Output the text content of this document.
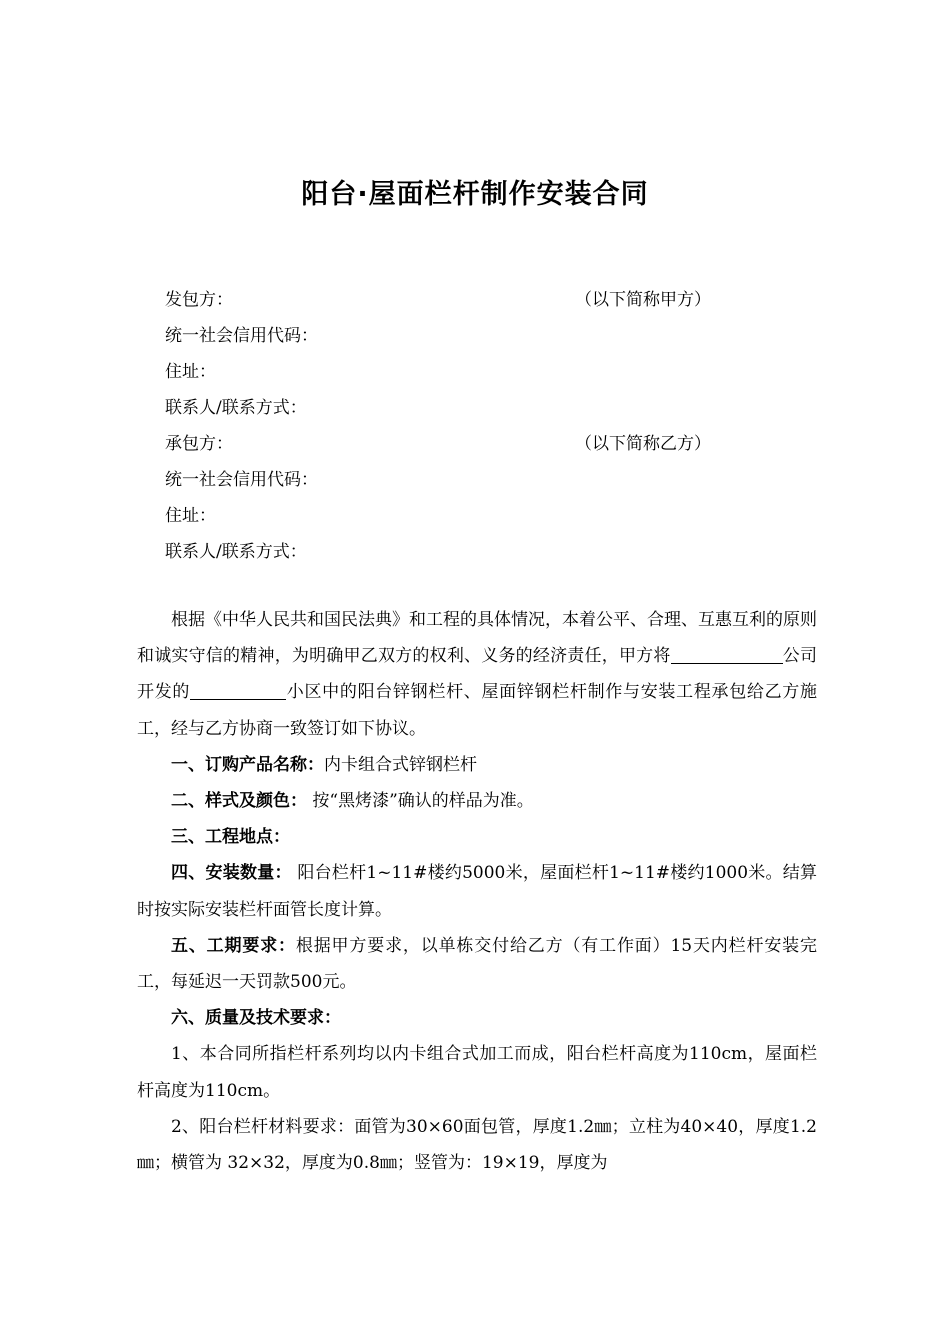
阳台·屋面栏杆制作安装合同
发包方：	（以下简称甲方）
统一社会信用代码：
住址：
联系人/联系方式：
承包方：	（以下简称乙方）
统一社会信用代码：
住址：
联系人/联系方式：

根据《中华人民共和国民法典》和工程的具体情况，本着公平、合理、互惠互利的原则和诚实守信的精神，为明确甲乙双方的权利、义务的经济责任，甲方将	公司开发的	小区中的阳台锌钢栏杆、屋面锌钢栏杆制作与安装工程承包给乙方施工，经与乙方协商一致签订如下协议。

一、订购产品名称：内卡组合式锌钢栏杆

二、样式及颜色： 按“黑烤漆”确认的样品为准。

三、工程地点：

四、安装数量： 阳台栏杆1~11#楼约5000米，屋面栏杆1~11#楼约1000米。结算时按实际安装栏杆面管长度计算。

五、工期要求：根据甲方要求，以单栋交付给乙方（有工作面）15天内栏杆安装完工，每延迟一天罚款500元。

六、质量及技术要求：

1、本合同所指栏杆系列均以内卡组合式加工而成，阳台栏杆高度为110cm，屋面栏杆高度为110cm。

2、阳台栏杆材料要求：面管为30×60面包管，厚度1.2㎜；立柱为40×40，厚度1.2㎜；横管为 32×32，厚度为0.8㎜；竖管为：19×19，厚度为
